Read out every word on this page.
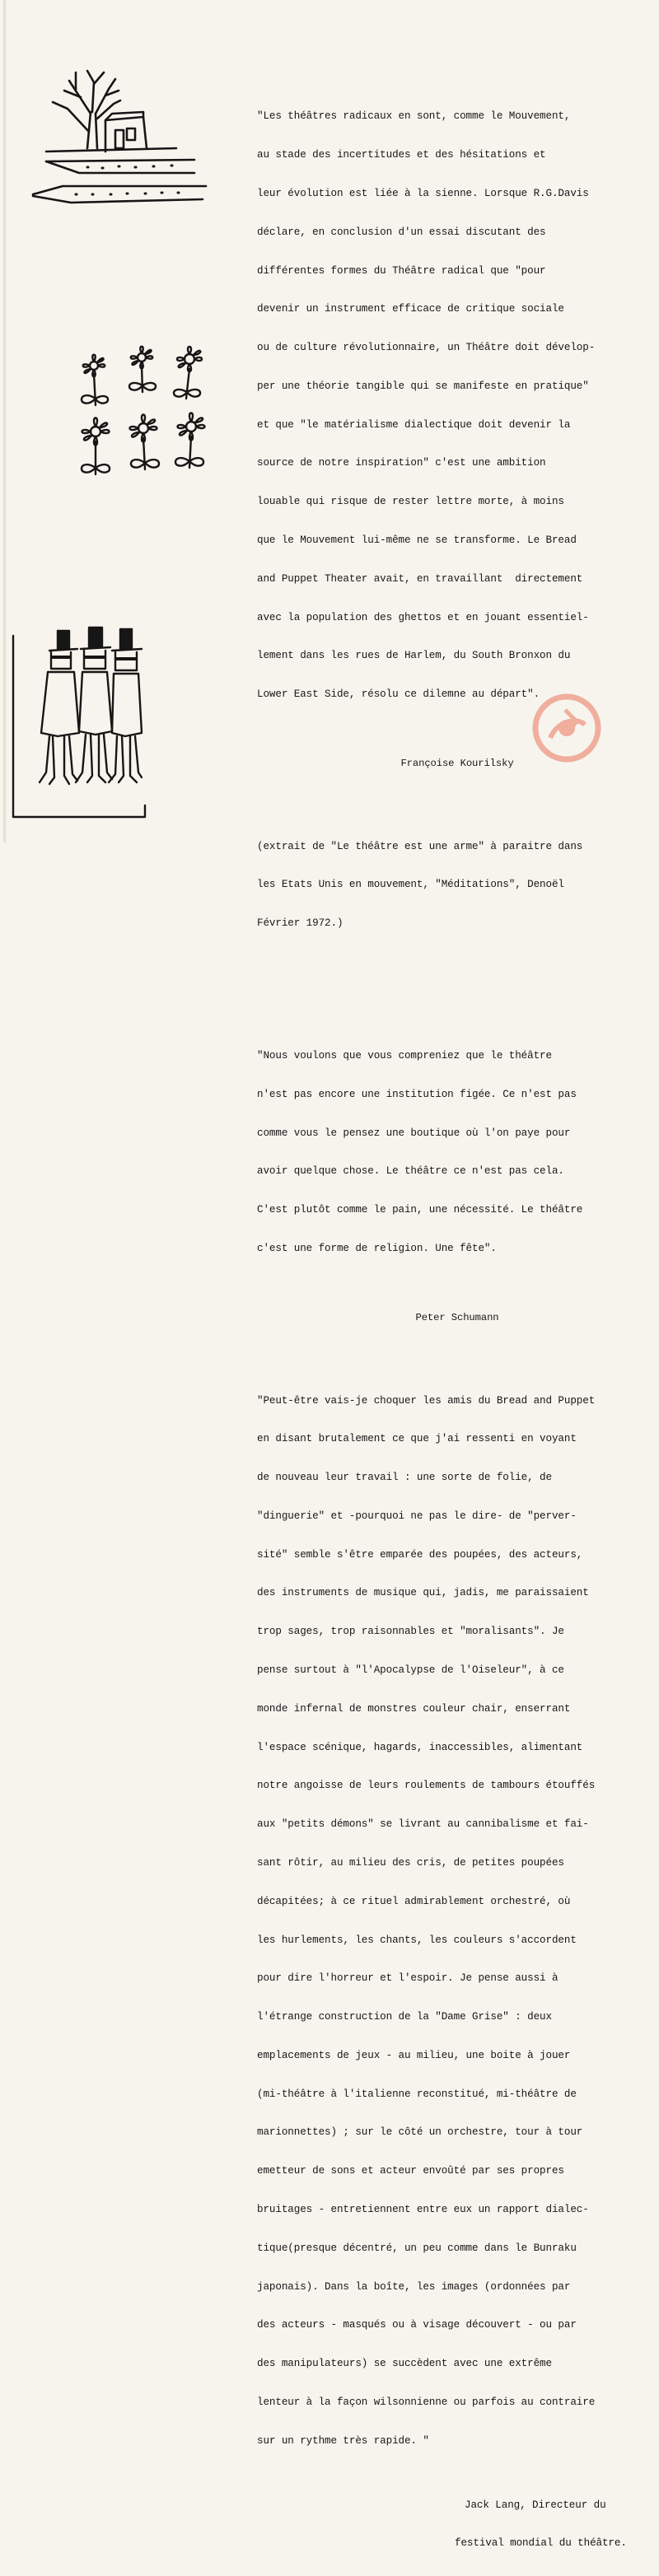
"Les théâtres radicaux en sont, comme le Mouvement,

au stade des incertitudes et des hésitations et

leur évolution est liée à la sienne. Lorsque R.G.Davis

déclare, en conclusion d'un essai discutant des

différentes formes du Théâtre radical que "pour

devenir un instrument efficace de critique sociale

ou de culture révolutionnaire, un Théâtre doit dévelop-

per une théorie tangible qui se manifeste en pratique"

et que "le matérialisme dialectique doit devenir la

source de notre inspiration" c'est une ambition

louable qui risque de rester lettre morte, à moins

que le Mouvement lui-même ne se transforme. Le Bread

and Puppet Theater avait, en travaillant  directement

avec la population des ghettos et en jouant essentiel-

lement dans les rues de Harlem, du South Bronxon du

Lower East Side, résolu ce dilemne au départ".

Françoise Kourilsky

(extrait de "Le théâtre est une arme" à paraitre dans

les Etats Unis en mouvement, "Méditations", Denoël

Février 1972.)

"Nous voulons que vous compreniez que le théâtre

n'est pas encore une institution figée. Ce n'est pas

comme vous le pensez une boutique où l'on paye pour

avoir quelque chose. Le théâtre ce n'est pas cela.

C'est plutôt comme le pain, une nécessité. Le théâtre

c'est une forme de religion. Une fête".

Peter Schumann

"Peut-être vais-je choquer les amis du Bread and Puppet

en disant brutalement ce que j'ai ressenti en voyant

de nouveau leur travail : une sorte de folie, de

"dinguerie" et -pourquoi ne pas le dire- de "perver-

sité" semble s'être emparée des poupées, des acteurs,

des instruments de musique qui, jadis, me paraissaient

trop sages, trop raisonnables et "moralisants". Je

pense surtout à "l'Apocalypse de l'Oiseleur", à ce

monde infernal de monstres couleur chair, enserrant

l'espace scénique, hagards, inaccessibles, alimentant

notre angoisse de leurs roulements de tambours étouffés

aux "petits démons" se livrant au cannibalisme et fai-

sant rôtir, au milieu des cris, de petites poupées

décapitées; à ce rituel admirablement orchestré, où

les hurlements, les chants, les couleurs s'accordent

pour dire l'horreur et l'espoir. Je pense aussi à

l'étrange construction de la "Dame Grise" : deux

emplacements de jeux - au milieu, une boite à jouer

(mi-théâtre à l'italienne reconstitué, mi-théâtre de

marionnettes) ; sur le côté un orchestre, tour à tour

emetteur de sons et acteur envoûté par ses propres

bruitages - entretiennent entre eux un rapport dialec-

tique(presque décentré, un peu comme dans le Bunraku

japonais). Dans la boîte, les images (ordonnées par

des acteurs - masqués ou à visage découvert - ou par

des manipulateurs) se succèdent avec une extrême

lenteur à la façon wilsonnienne ou parfois au contraire

sur un rythme très rapide. "

Jack Lang, Directeur du

festival mondial du théâtre.
